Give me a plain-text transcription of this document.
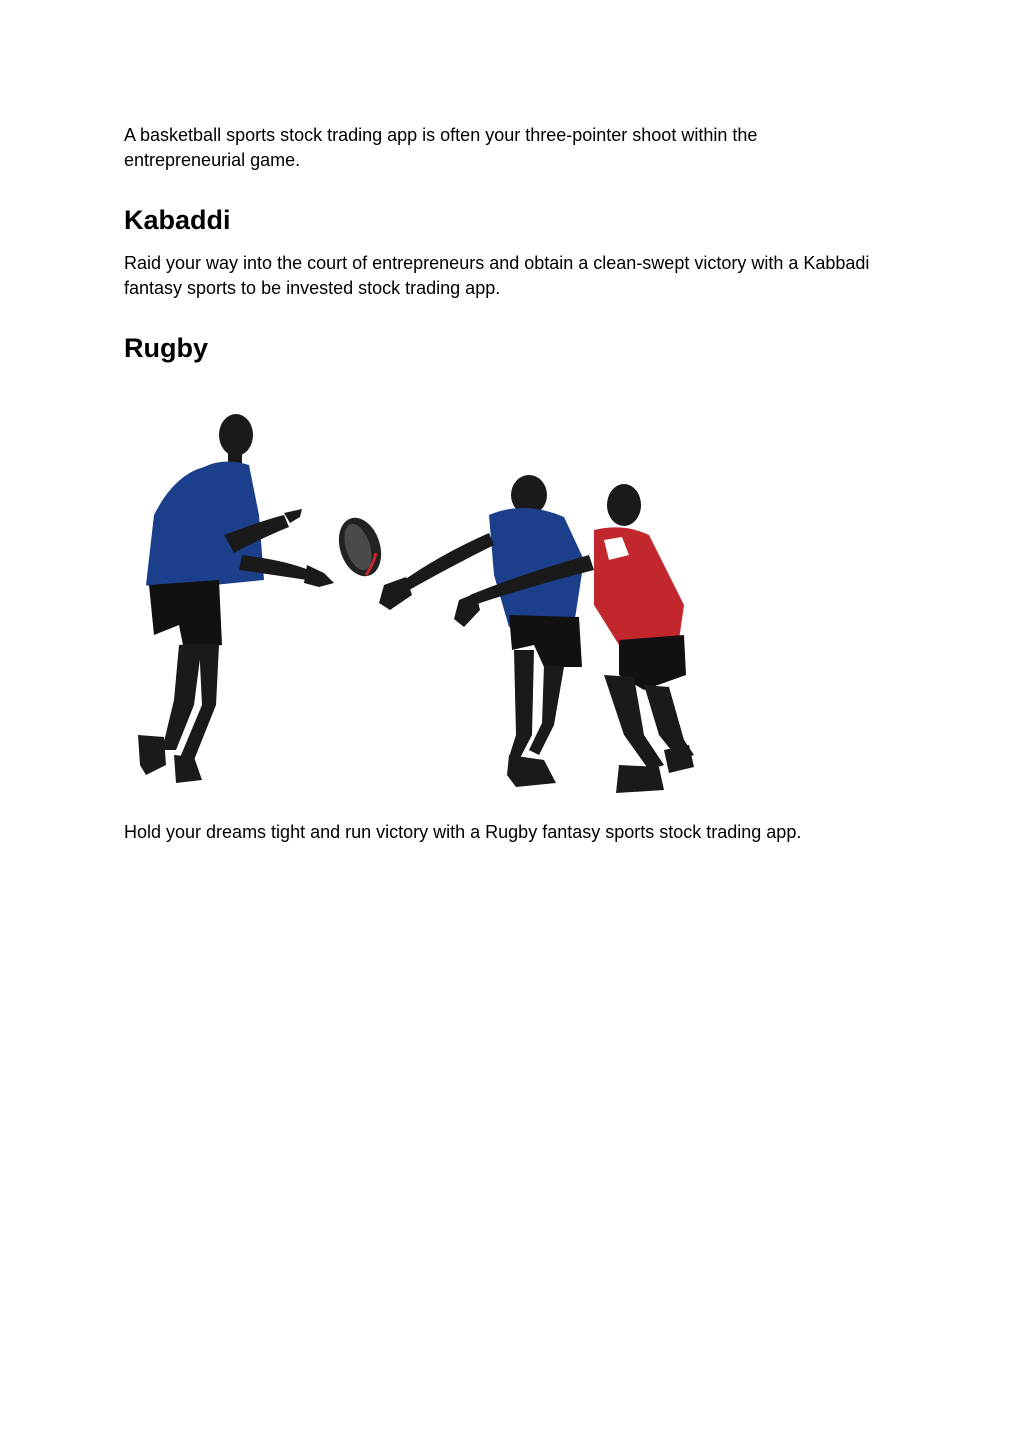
A basketball sports stock trading app is often your three-pointer shoot within the entrepreneurial game.

Kabaddi

Raid your way into the court of entrepreneurs and obtain a clean-swept victory with a Kabbadi fantasy sports to be invested stock trading app.

Rugby

Hold your dreams tight and run victory with a Rugby fantasy sports stock trading app.
